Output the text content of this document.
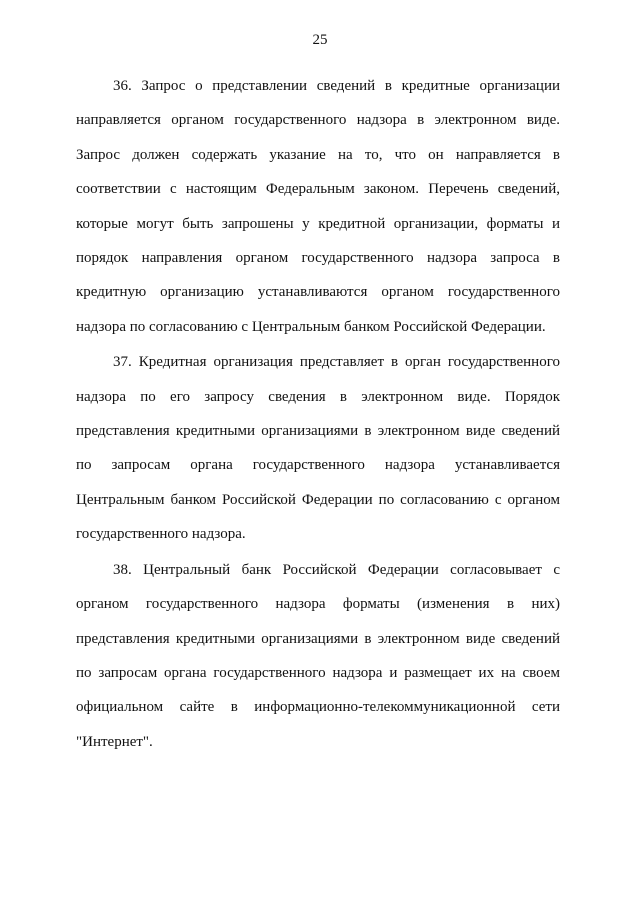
25

36. Запрос о представлении сведений в кредитные организации направляется органом государственного надзора в электронном виде. Запрос должен содержать указание на то, что он направляется в соответствии с настоящим Федеральным законом. Перечень сведений, которые могут быть запрошены у кредитной организации, форматы и порядок направления органом государственного надзора запроса в кредитную организацию устанавливаются органом государственного надзора по согласованию с Центральным банком Российской Федерации.

37. Кредитная организация представляет в орган государственного надзора по его запросу сведения в электронном виде. Порядок представления кредитными организациями в электронном виде сведений по запросам органа государственного надзора устанавливается Центральным банком Российской Федерации по согласованию с органом государственного надзора.

38. Центральный банк Российской Федерации согласовывает с органом государственного надзора форматы (изменения в них) представления кредитными организациями в электронном виде сведений по запросам органа государственного надзора и размещает их на своем официальном сайте в информационно-телекоммуникационной сети "Интернет".
